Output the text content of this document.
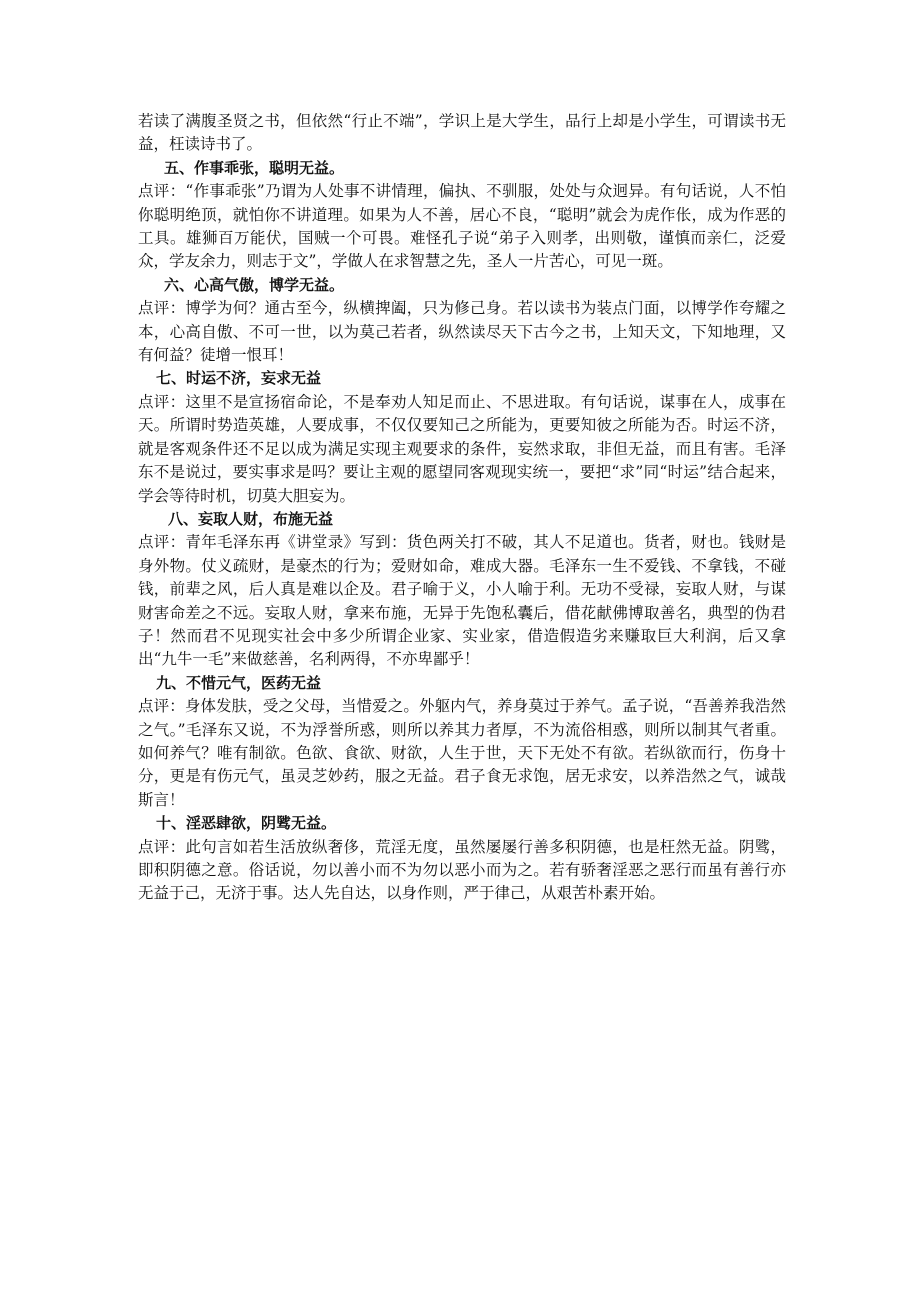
若读了满腹圣贤之书，但依然“行止不端”，学识上是大学生，品行上却是小学生，可谓读书无益，枉读诗书了。

五、作事乖张，聪明无益。

点评：“作事乖张”乃谓为人处事不讲情理，偏执、不驯服，处处与众迥异。有句话说，人不怕你聪明绝顶，就怕你不讲道理。如果为人不善，居心不良，“聪明”就会为虎作伥，成为作恶的工具。雄狮百万能伏，国贼一个可畏。难怪孔子说“弟子入则孝，出则敬，谨慎而亲仁，泛爱众，学友余力，则志于文”，学做人在求智慧之先，圣人一片苦心，可见一斑。

六、心高气傲，博学无益。

点评：博学为何？通古至今，纵横捭阖，只为修己身。若以读书为装点门面，以博学作夸耀之本，心高自傲、不可一世，以为莫己若者，纵然读尽天下古今之书，上知天文，下知地理，又有何益？徒增一恨耳！

七、时运不济，妄求无益

点评：这里不是宣扬宿命论，不是奉劝人知足而止、不思进取。有句话说，谋事在人，成事在天。所谓时势造英雄，人要成事，不仅仅要知己之所能为，更要知彼之所能为否。时运不济，就是客观条件还不足以成为满足实现主观要求的条件，妄然求取，非但无益，而且有害。毛泽东不是说过，要实事求是吗？要让主观的愿望同客观现实统一，要把“求”同“时运”结合起来，学会等待时机，切莫大胆妄为。

八、妄取人财，布施无益

点评：青年毛泽东再《讲堂录》写到：货色两关打不破，其人不足道也。货者，财也。钱财是身外物。仗义疏财，是豪杰的行为；爱财如命，难成大器。毛泽东一生不爱钱、不拿钱，不碰钱，前辈之风，后人真是难以企及。君子喻于义，小人喻于利。无功不受禄，妄取人财，与谋财害命差之不远。妄取人财，拿来布施，无异于先饱私囊后，借花献佛博取善名，典型的伪君子！然而君不见现实社会中多少所谓企业家、实业家，借造假造劣来赚取巨大利润，后又拿出“九牛一毛”来做慈善，名利两得，不亦卑鄙乎！

九、不惜元气，医药无益

点评：身体发肤，受之父母，当惜爱之。外躯内气，养身莫过于养气。孟子说，“吾善养我浩然之气。”毛泽东又说，不为浮誉所惑，则所以养其力者厚，不为流俗相惑，则所以制其气者重。如何养气？唯有制欲。色欲、食欲、财欲，人生于世，天下无处不有欲。若纵欲而行，伤身十分，更是有伤元气，虽灵芝妙药，服之无益。君子食无求饱，居无求安，以养浩然之气，诚哉斯言！

十、淫恶肆欲，阴骘无益。

点评：此句言如若生活放纵奢侈，荒淫无度，虽然屡屡行善多积阴德，也是枉然无益。阴骘，即积阴德之意。俗话说，勿以善小而不为勿以恶小而为之。若有骄奢淫恶之恶行而虽有善行亦无益于己，无济于事。达人先自达，以身作则，严于律己，从艰苦朴素开始。
